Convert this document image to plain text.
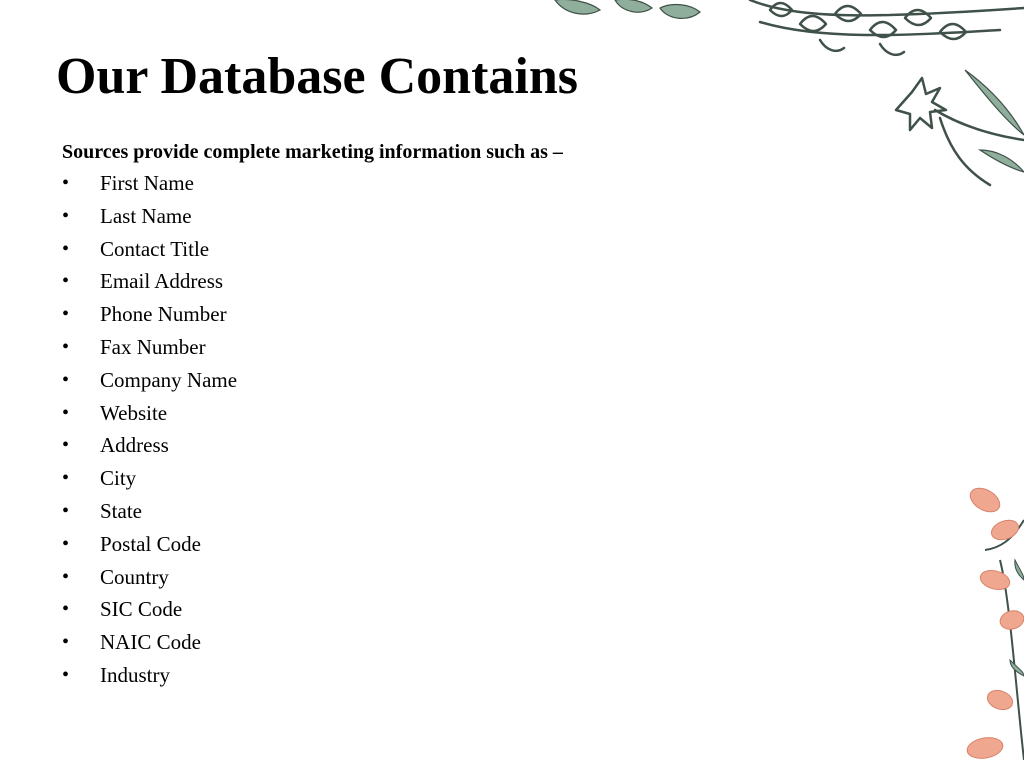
Our Database Contains

Sources provide complete marketing information such as –

• First Name
• Last Name
• Contact Title
• Email Address
• Phone Number
• Fax Number
• Company Name
• Website
• Address
• City
• State
• Postal Code
• Country
• SIC Code
• NAIC Code
• Industry
